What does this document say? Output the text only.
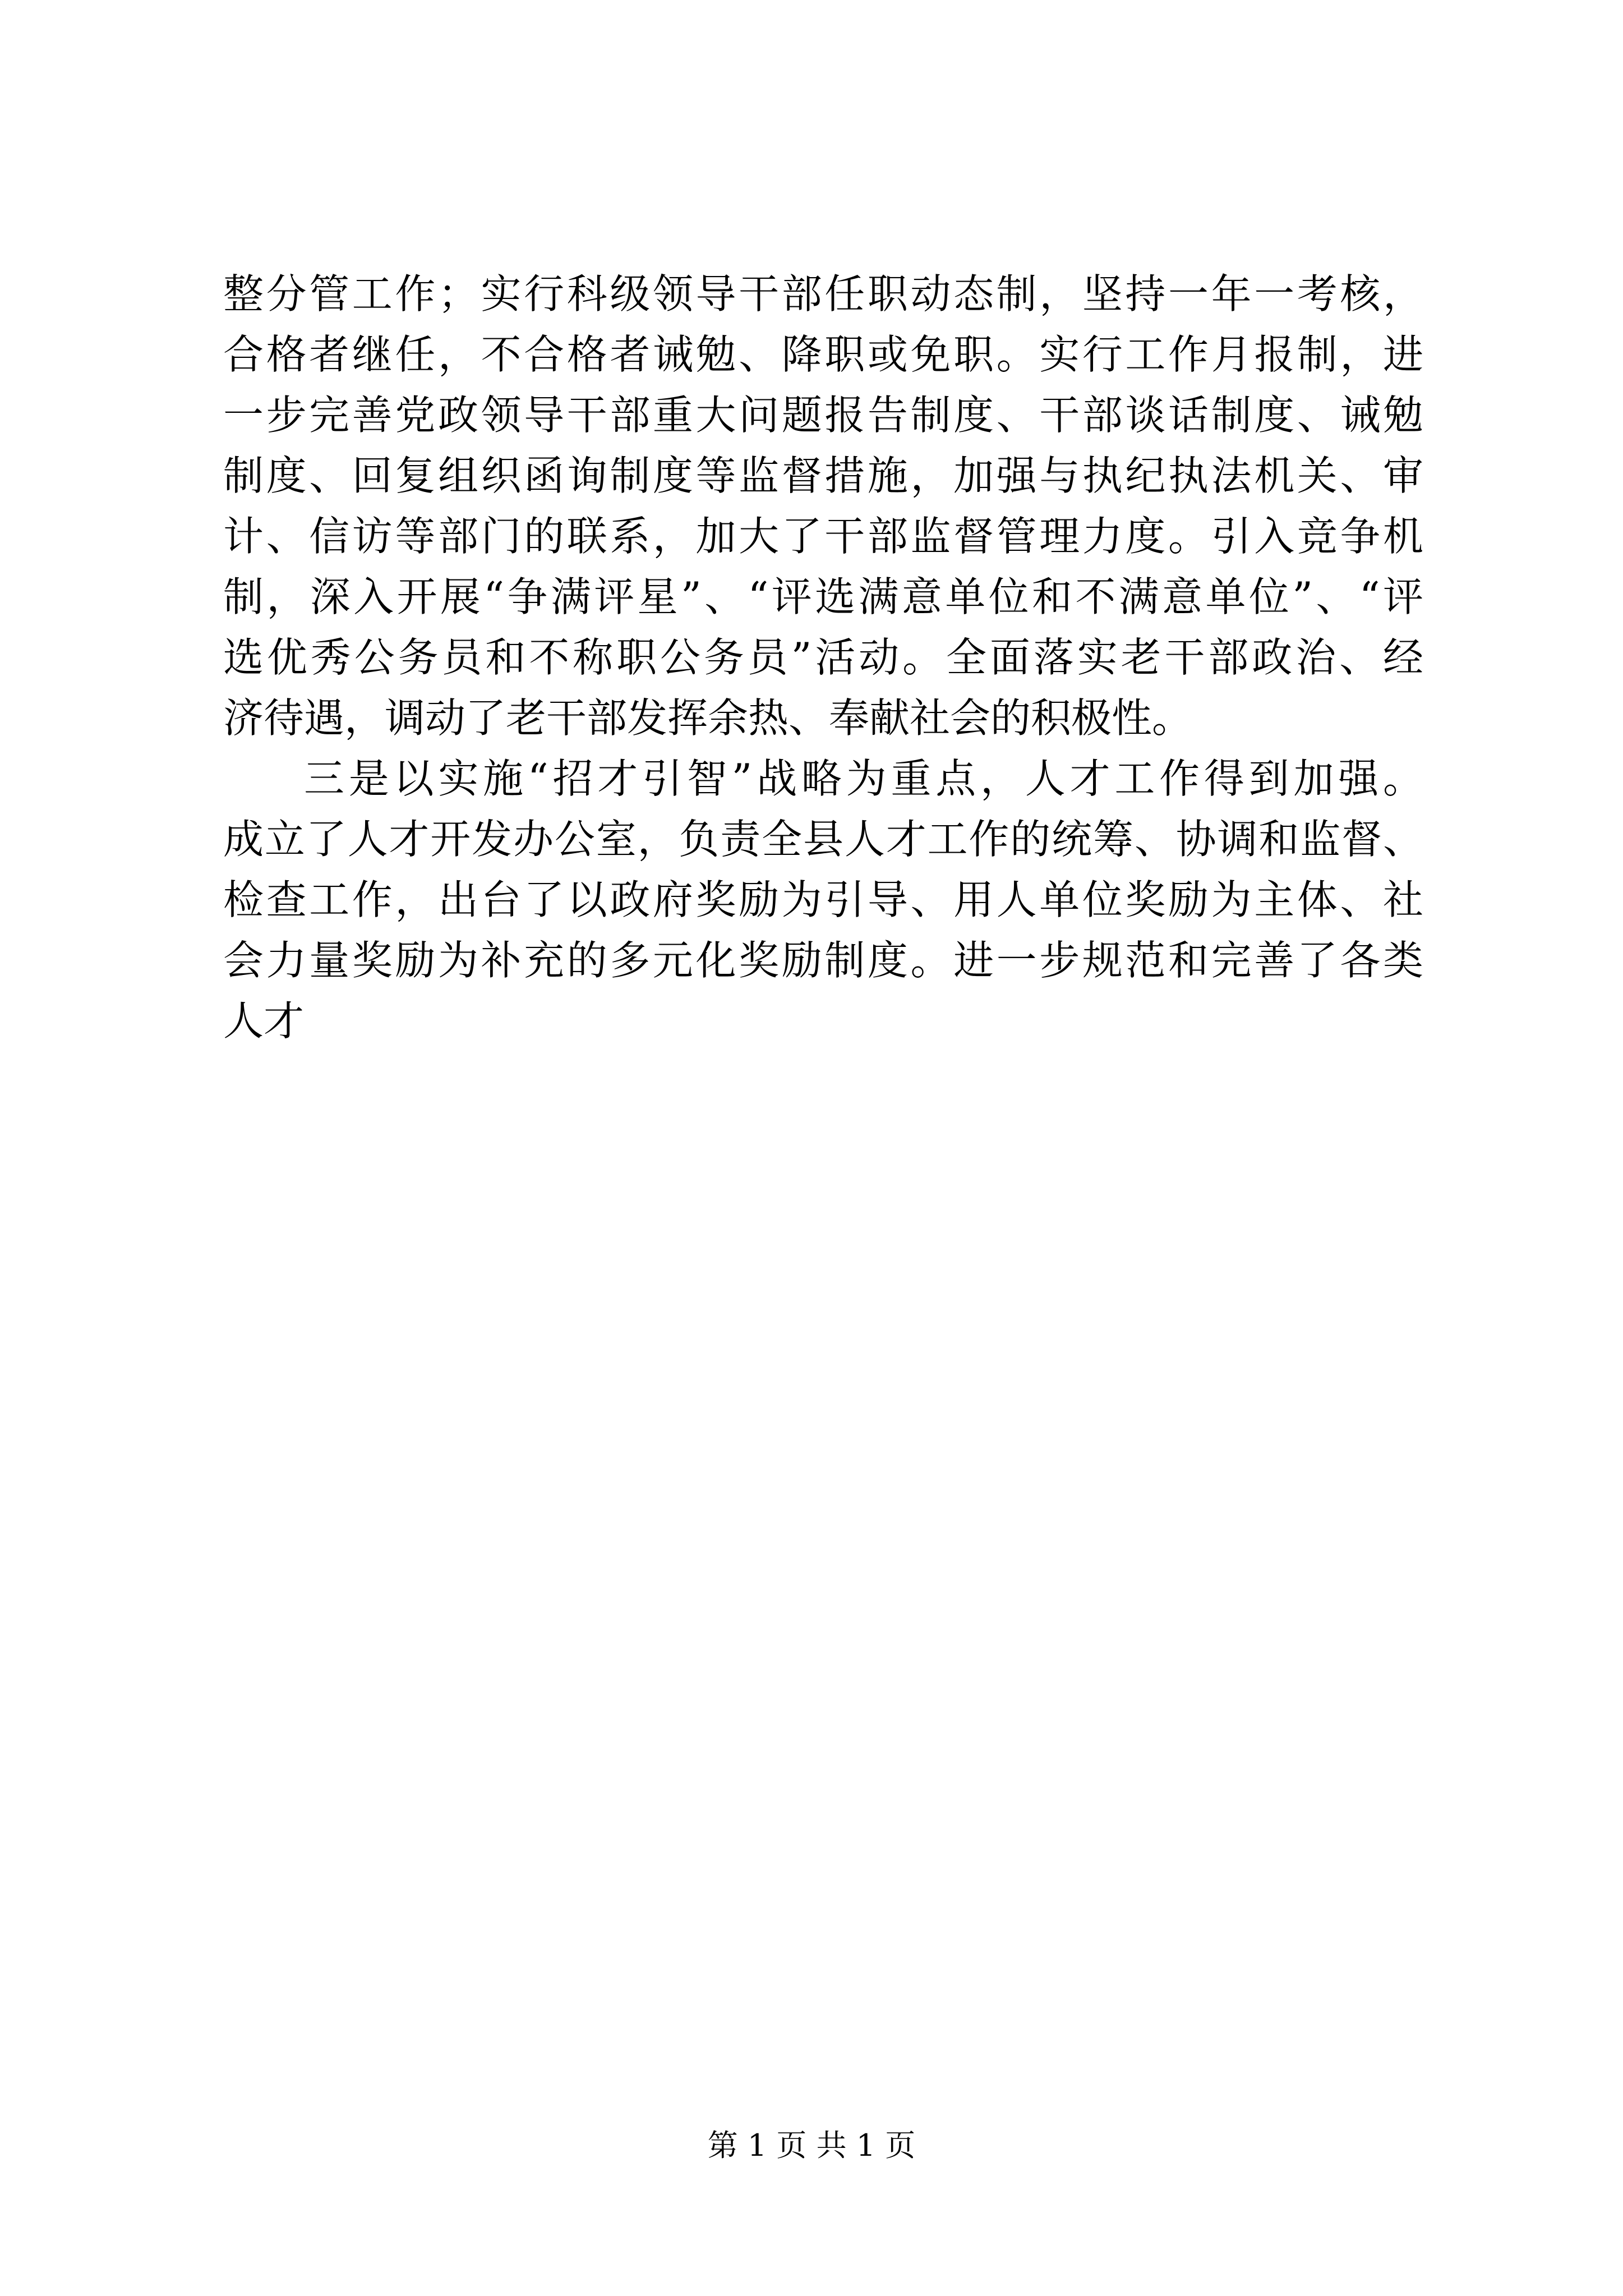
整分管工作；实行科级领导干部任职动态制，坚持一年一考核，
合格者继任，不合格者诫勉、降职或免职。实行工作月报制，进
一步完善党政领导干部重大问题报告制度、干部谈话制度、诫勉
制度、回复组织函询制度等监督措施，加强与执纪执法机关、审
计、信访等部门的联系，加大了干部监督管理力度。引入竞争机
制，深入开展“争满评星”、“评选满意单位和不满意单位”、“评
选优秀公务员和不称职公务员”活动。全面落实老干部政治、经
济待遇，调动了老干部发挥余热、奉献社会的积极性。
三是以实施“招才引智”战略为重点，人才工作得到加强。
成立了人才开发办公室，负责全县人才工作的统筹、协调和监督、
检查工作，出台了以政府奖励为引导、用人单位奖励为主体、社
会力量奖励为补充的多元化奖励制度。进一步规范和完善了各类
人才
第 1 页 共 1 页
